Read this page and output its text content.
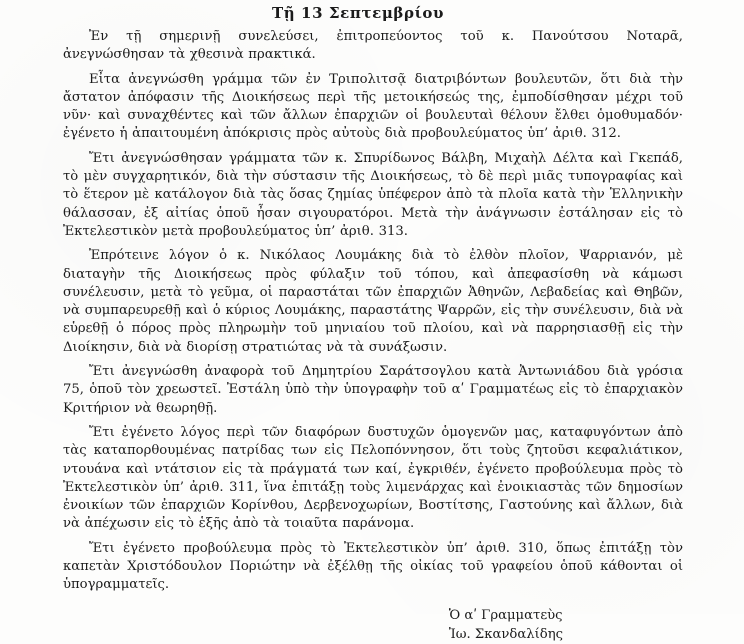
Τῇ 13 Σεπτεμβρίου

Ἐν τῇ σημερινῇ συνελεύσει, ἐπιτροπεύοντος τοῦ κ. Πανούτσου Νοταρᾶ, ἀνεγνώσθησαν τὰ χθεσινὰ πρακτικά.

Εἶτα ἀνεγνώσθη γράμμα τῶν ἐν Τριπολιτσᾷ διατριβόντων βουλευτῶν, ὅτι διὰ τὴν ἄστατον ἀπόφασιν τῆς Διοικήσεως περὶ τῆς μετοικήσεώς της, ἐμποδίσθησαν μέχρι τοῦ νῦν· καὶ συναχθέντες καὶ τῶν ἄλλων ἐπαρχιῶν οἱ βουλευταὶ θέλουν ἔλθει ὁμοθυμαδόν· ἐγένετο ἡ ἀπαιτουμένη ἀπόκρισις πρὸς αὐτοὺς διὰ προβουλεύματος ὑπ’ ἀριθ. 312.

Ἔτι ἀνεγνώσθησαν γράμματα τῶν κ. Σπυρίδωνος Βάλβη, Μιχαὴλ Δέλτα καὶ Γκεπάδ, τὸ μὲν συγχαρητικόν, διὰ τὴν σύστασιν τῆς Διοικήσεως, τὸ δὲ περὶ μιᾶς τυπογραφίας καὶ τὸ ἕτερον μὲ κατάλογον διὰ τὰς ὅσας ζημίας ὑπέφερον ἀπὸ τὰ πλοῖα κατὰ τὴν Ἑλληνικὴν θάλασσαν, ἐξ αἰτίας ὁποῦ ἦσαν σιγουρατόροι. Μετὰ τὴν ἀνάγνωσιν ἐστάλησαν εἰς τὸ Ἐκτελεστικὸν μετὰ προβουλεύματος ὑπ’ ἀριθ. 313.

Ἐπρότεινε λόγον ὁ κ. Νικόλαος Λουμάκης διὰ τὸ ἐλθὸν πλοῖον, Ψαρριανόν, μὲ διαταγὴν τῆς Διοικήσεως πρὸς φύλαξιν τοῦ τόπου, καὶ ἀπεφασίσθη νὰ κάμωσι συνέλευσιν, μετὰ τὸ γεῦμα, οἱ παραστάται τῶν ἐπαρχιῶν Ἀθηνῶν, Λεβαδείας καὶ Θηβῶν, νὰ συμπαρευρεθῇ καὶ ὁ κύριος Λουμάκης, παραστάτης Ψαρρῶν, εἰς τὴν συνέλευσιν, διὰ νὰ εὑρεθῇ ὁ πόρος πρὸς πληρωμὴν τοῦ μηνιαίου τοῦ πλοίου, καὶ νὰ παρρησιασθῇ εἰς τὴν Διοίκησιν, διὰ νὰ διορίσῃ στρατιώτας νὰ τὰ συνάξωσιν.

Ἔτι ἀνεγνώσθη ἀναφορὰ τοῦ Δημητρίου Σαράτσογλου κατὰ Ἀντωνιάδου διὰ γρόσια 75, ὁποῦ τὸν χρεωστεῖ. Ἐστάλη ὑπὸ τὴν ὑπογραφὴν τοῦ αʹ Γραμματέως εἰς τὸ ἐπαρχιακὸν Κριτήριον νὰ θεωρηθῇ.

Ἔτι ἐγένετο λόγος περὶ τῶν διαφόρων δυστυχῶν ὁμογενῶν μας, καταφυγόντων ἀπὸ τὰς καταπορθουμένας πατρίδας των εἰς Πελοπόννησον, ὅτι τοὺς ζητοῦσι κεφαλιάτικον, ντουάνα καὶ ντάτσιον εἰς τὰ πράγματά των καί, ἐγκριθέν, ἐγένετο προβούλευμα πρὸς τὸ Ἐκτελεστικὸν ὑπ’ ἀριθ. 311, ἵνα ἐπιτάξῃ τοὺς λιμενάρχας καὶ ἐνοικιαστὰς τῶν δημοσίων ἐνοικίων τῶν ἐπαρχιῶν Κορίνθου, Δερβενοχωρίων, Βοστίτσης, Γαστούνης καὶ ἄλλων, διὰ νὰ ἀπέχωσιν εἰς τὸ ἑξῆς ἀπὸ τὰ τοιαῦτα παράνομα.

Ἔτι ἐγένετο προβούλευμα πρὸς τὸ Ἐκτελεστικὸν ὑπ’ ἀριθ. 310, ὅπως ἐπιτάξῃ τὸν καπετὰν Χριστόδουλον Ποριώτην νὰ ἐξέλθῃ τῆς οἰκίας τοῦ γραφείου ὁποῦ κάθονται οἱ ὑπογραμματεῖς.

Ὁ αʹ Γραμματεὺς
Ἰω. Σκανδαλίδης
